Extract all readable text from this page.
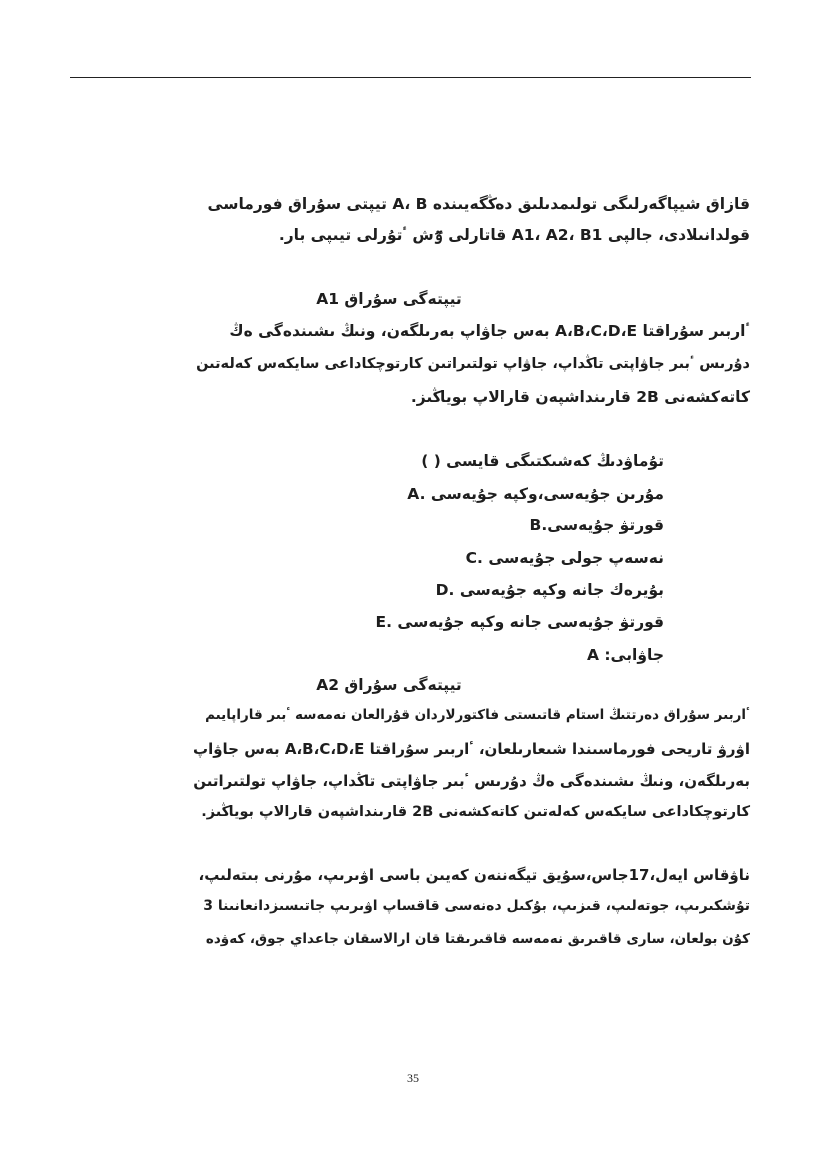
قازاق شيپاگەرلىگى تولىمدىلىق دەڭگەيىندە A، B تيپتى سۇراق فورماسى
قولدانىلادى، جالپى A1، A2، B1 قاتارلى ٷش ٴتۇرلى تيىپى بار.
A1 تيپتەگى سۇراق
ٴاربىر سۇراقتا A،B،C،D،E بەس جاۋاپ بەرىلگەن، ونىڭ ىشىندەگى ەڭ
دۇرىس ٴبىر جاۋاپتى تاڭداپ، جاۋاپ تولتىراتىن كارتوچكاداعى سايكەس كەلەتىن
كاتەكشەنى 2B قارىنداشپەن قارالاپ بوياڭىز.
تۇماۋدىڭ كەشىكتىگى قايسى ( )
A. مۇرىن جۇيەسى،وكپە جۇيەسى
B.قورتۋ جۇيەسى
C. نەسەپ جولى جۇيەسى
D. بۇيرەك جانە وكپە جۇيەسى
E. قورتۋ جۇيەسى جانە وكپە جۇيەسى
جاۋابى: A
A2 تيپتەگى سۇراق
ٴاربىر سۇراق دەرتتىڭ استام قاتىستى فاكتورلاردان قۇرالعان نەمەسە ٴبىر قاراپايىم
اۋرۋ تاريحى فورماسىندا شىعارىلعان، ٴاربىر سۇراقتا A،B،C،D،E بەس جاۋاپ
بەرىلگەن، ونىڭ ىشىندەگى ەڭ دۇرىس ٴبىر جاۋاپتى تاڭداپ، جاۋاپ تولتىراتىن
كارتوچكاداعى سايكەس كەلەتىن كاتەكشەنى 2B قارىنداشپەن قارالاپ بوياڭىز.
ناۋقاس ايەل،17جاس،سۇيق تيگەننەن كەيىن باسى اۋىرىپ، مۇرنى بىتەلىپ،
تۇشكىرىپ، جوتەلىپ، قىزىپ، بۇكىل دەنەسى قاقساپ اۋىرىپ جاتىسىزدانعانىنا 3
كۇن بولعان، سارى قاقىرىق نەمەسە قاقىرىقتا قان ارالاسقان جاعداي جوق، كەۋدە
35
